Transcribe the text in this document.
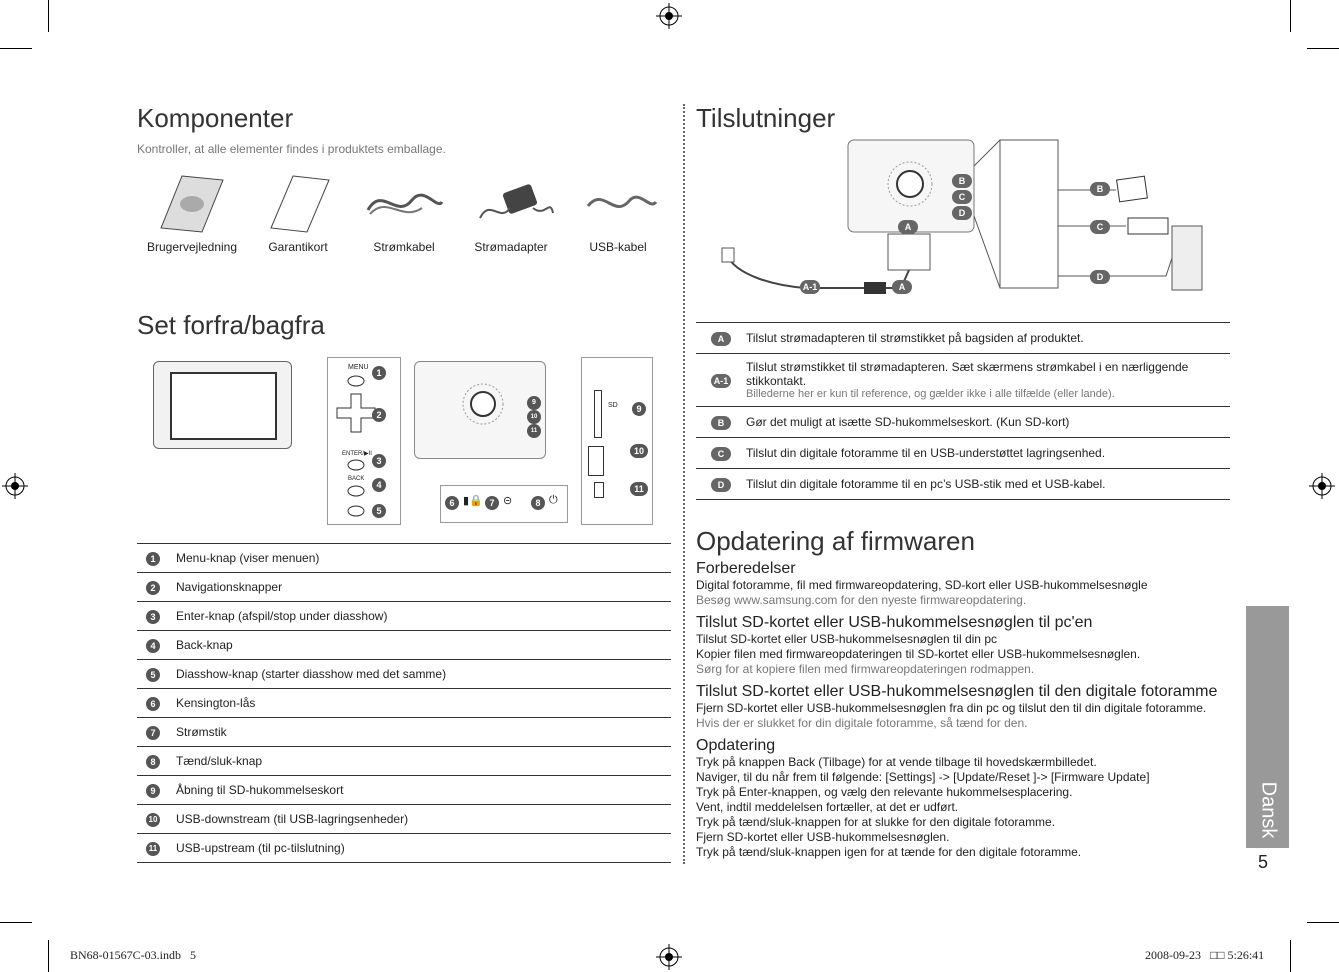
Komponenter
Kontroller, at alle elementer findes i produktets emballage.
Brugervejledning	Garantikort	Strømkabel	Strømadapter	USB-kabel
Set forfra/bagfra
MENU
ENTER/▶II
BACK
1
2
3
4
5
9
10
11
6 ▮🔒 7 ⊝	8 ⏻
SD	9
10
11
1	Menu-knap (viser menuen)
2	Navigationsknapper
3	Enter-knap (afspil/stop under diasshow)
4	Back-knap
5	Diasshow-knap (starter diasshow med det samme)
6	Kensington-lås
7	Strømstik
8	Tænd/sluk-knap
9	Åbning til SD-hukommelseskort
10	USB-downstream (til USB-lagringsenheder)
11	USB-upstream (til pc-tilslutning)
Tilslutninger
A
A
A-1
B
C
D
B
C
D
A	Tilslut strømadapteren til strømstikket på bagsiden af produktet.
A-1	Tilslut strømstikket til strømadapteren. Sæt skærmens strømkabel i en nærliggende stikkontakt.
Billederne her er kun til reference, og gælder ikke i alle tilfælde (eller lande).

B	Gør det muligt at isætte SD-hukommelseskort. (Kun SD-kort)
C	Tilslut din digitale fotoramme til en USB-understøttet lagringsenhed.
D	Tilslut din digitale fotoramme til en pc’s USB-stik med et USB-kabel.
Opdatering af firmwaren
Forberedelser

Digital fotoramme, fil med firmwareopdatering, SD-kort eller USB-hukommelsesnøgle

Besøg www.samsung.com for den nyeste firmwareopdatering.

Tilslut SD-kortet eller USB-hukommelsesnøglen til pc'en

Tilslut SD-kortet eller USB-hukommelsesnøglen til din pc

Kopier filen med firmwareopdateringen til SD-kortet eller USB-hukommelsesnøglen.

Sørg for at kopiere filen med firmwareopdateringen rodmappen.

Tilslut SD-kortet eller USB-hukommelsesnøglen til den digitale fotoramme

Fjern SD-kortet eller USB-hukommelsesnøglen fra din pc og tilslut den til din digitale fotoramme.

Hvis der er slukket for din digitale fotoramme, så tænd for den.

Opdatering

Tryk på knappen Back (Tilbage) for at vende tilbage til hovedskærmbilledet.

Naviger, til du når frem til følgende: [Settings] -> [Update/Reset ]-> [Firmware Update]

Tryk på Enter-knappen, og vælg den relevante hukommelsesplacering.

Vent, indtil meddelelsen fortæller, at det er udført.

Tryk på tænd/sluk-knappen for at slukke for den digitale fotoramme.

Fjern SD-kortet eller USB-hukommelsesnøglen.

Tryk på tænd/sluk-knappen igen for at tænde for den digitale fotoramme.

Dansk
5
BN68-01567C-03.indb   5	2008-09-23   □□ 5:26:41
